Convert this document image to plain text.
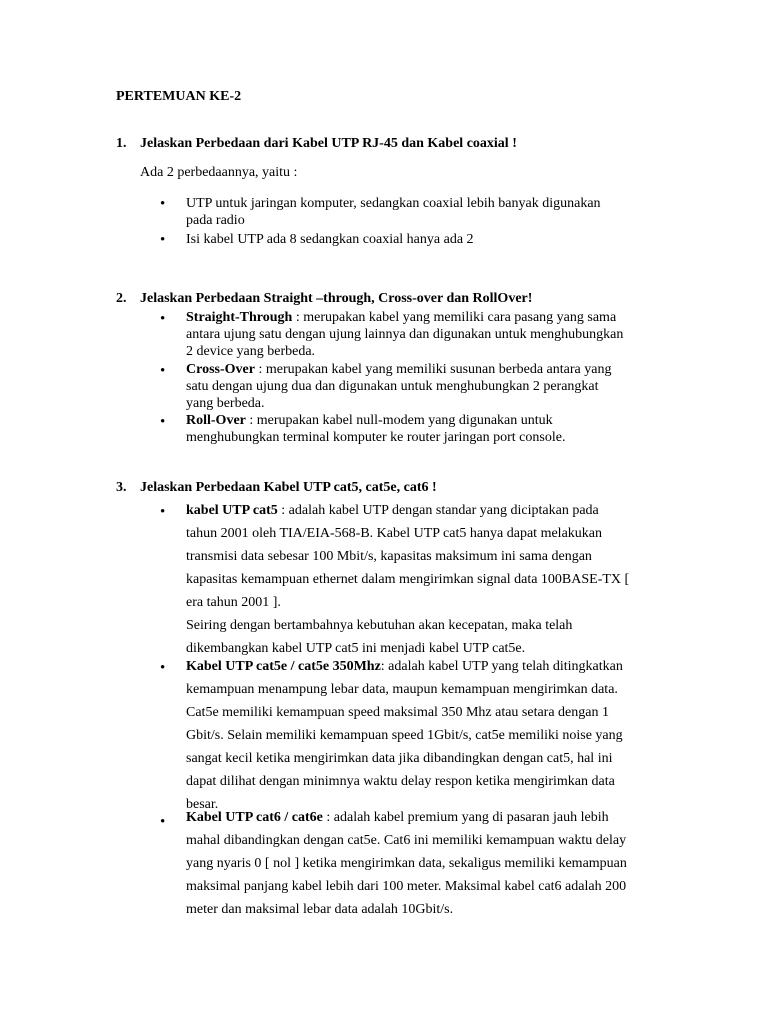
PERTEMUAN KE-2
1. Jelaskan Perbedaan dari Kabel UTP RJ-45 dan Kabel coaxial !
Ada 2 perbedaannya, yaitu :
• UTP untuk jaringan komputer, sedangkan coaxial lebih banyak digunakan
pada radio
• Isi kabel UTP ada 8 sedangkan coaxial hanya ada 2
2. Jelaskan Perbedaan Straight –through, Cross-over dan RollOver!
• Straight-Through : merupakan kabel yang memiliki cara pasang yang sama
antara ujung satu dengan ujung lainnya dan digunakan untuk menghubungkan
2 device yang berbeda.
• Cross-Over : merupakan kabel yang memiliki susunan berbeda antara yang
satu dengan ujung dua dan digunakan untuk menghubungkan 2 perangkat
yang berbeda.
• Roll-Over : merupakan kabel null-modem yang digunakan untuk
menghubungkan terminal komputer ke router jaringan port console.
3. Jelaskan Perbedaan Kabel UTP cat5, cat5e, cat6 !
• kabel UTP cat5 : adalah kabel UTP dengan standar yang diciptakan pada
tahun 2001 oleh TIA/EIA-568-B. Kabel UTP cat5 hanya dapat melakukan
transmisi data sebesar 100 Mbit/s, kapasitas maksimum ini sama dengan
kapasitas kemampuan ethernet dalam mengirimkan signal data 100BASE-TX [
era tahun 2001 ].
Seiring dengan bertambahnya kebutuhan akan kecepatan, maka telah
dikembangkan kabel UTP cat5 ini menjadi kabel UTP cat5e.
• Kabel UTP cat5e / cat5e 350Mhz: adalah kabel UTP yang telah ditingkatkan
kemampuan menampung lebar data, maupun kemampuan mengirimkan data.
Cat5e memiliki kemampuan speed maksimal 350 Mhz atau setara dengan 1
Gbit/s. Selain memiliki kemampuan speed 1Gbit/s, cat5e memiliki noise yang
sangat kecil ketika mengirimkan data jika dibandingkan dengan cat5, hal ini
dapat dilihat dengan minimnya waktu delay respon ketika mengirimkan data
besar.
• Kabel UTP cat6 / cat6e : adalah kabel premium yang di pasaran jauh lebih
mahal dibandingkan dengan cat5e. Cat6 ini memiliki kemampuan waktu delay
yang nyaris 0 [ nol ] ketika mengirimkan data, sekaligus memiliki kemampuan
maksimal panjang kabel lebih dari 100 meter. Maksimal kabel cat6 adalah 200
meter dan maksimal lebar data adalah 10Gbit/s.
